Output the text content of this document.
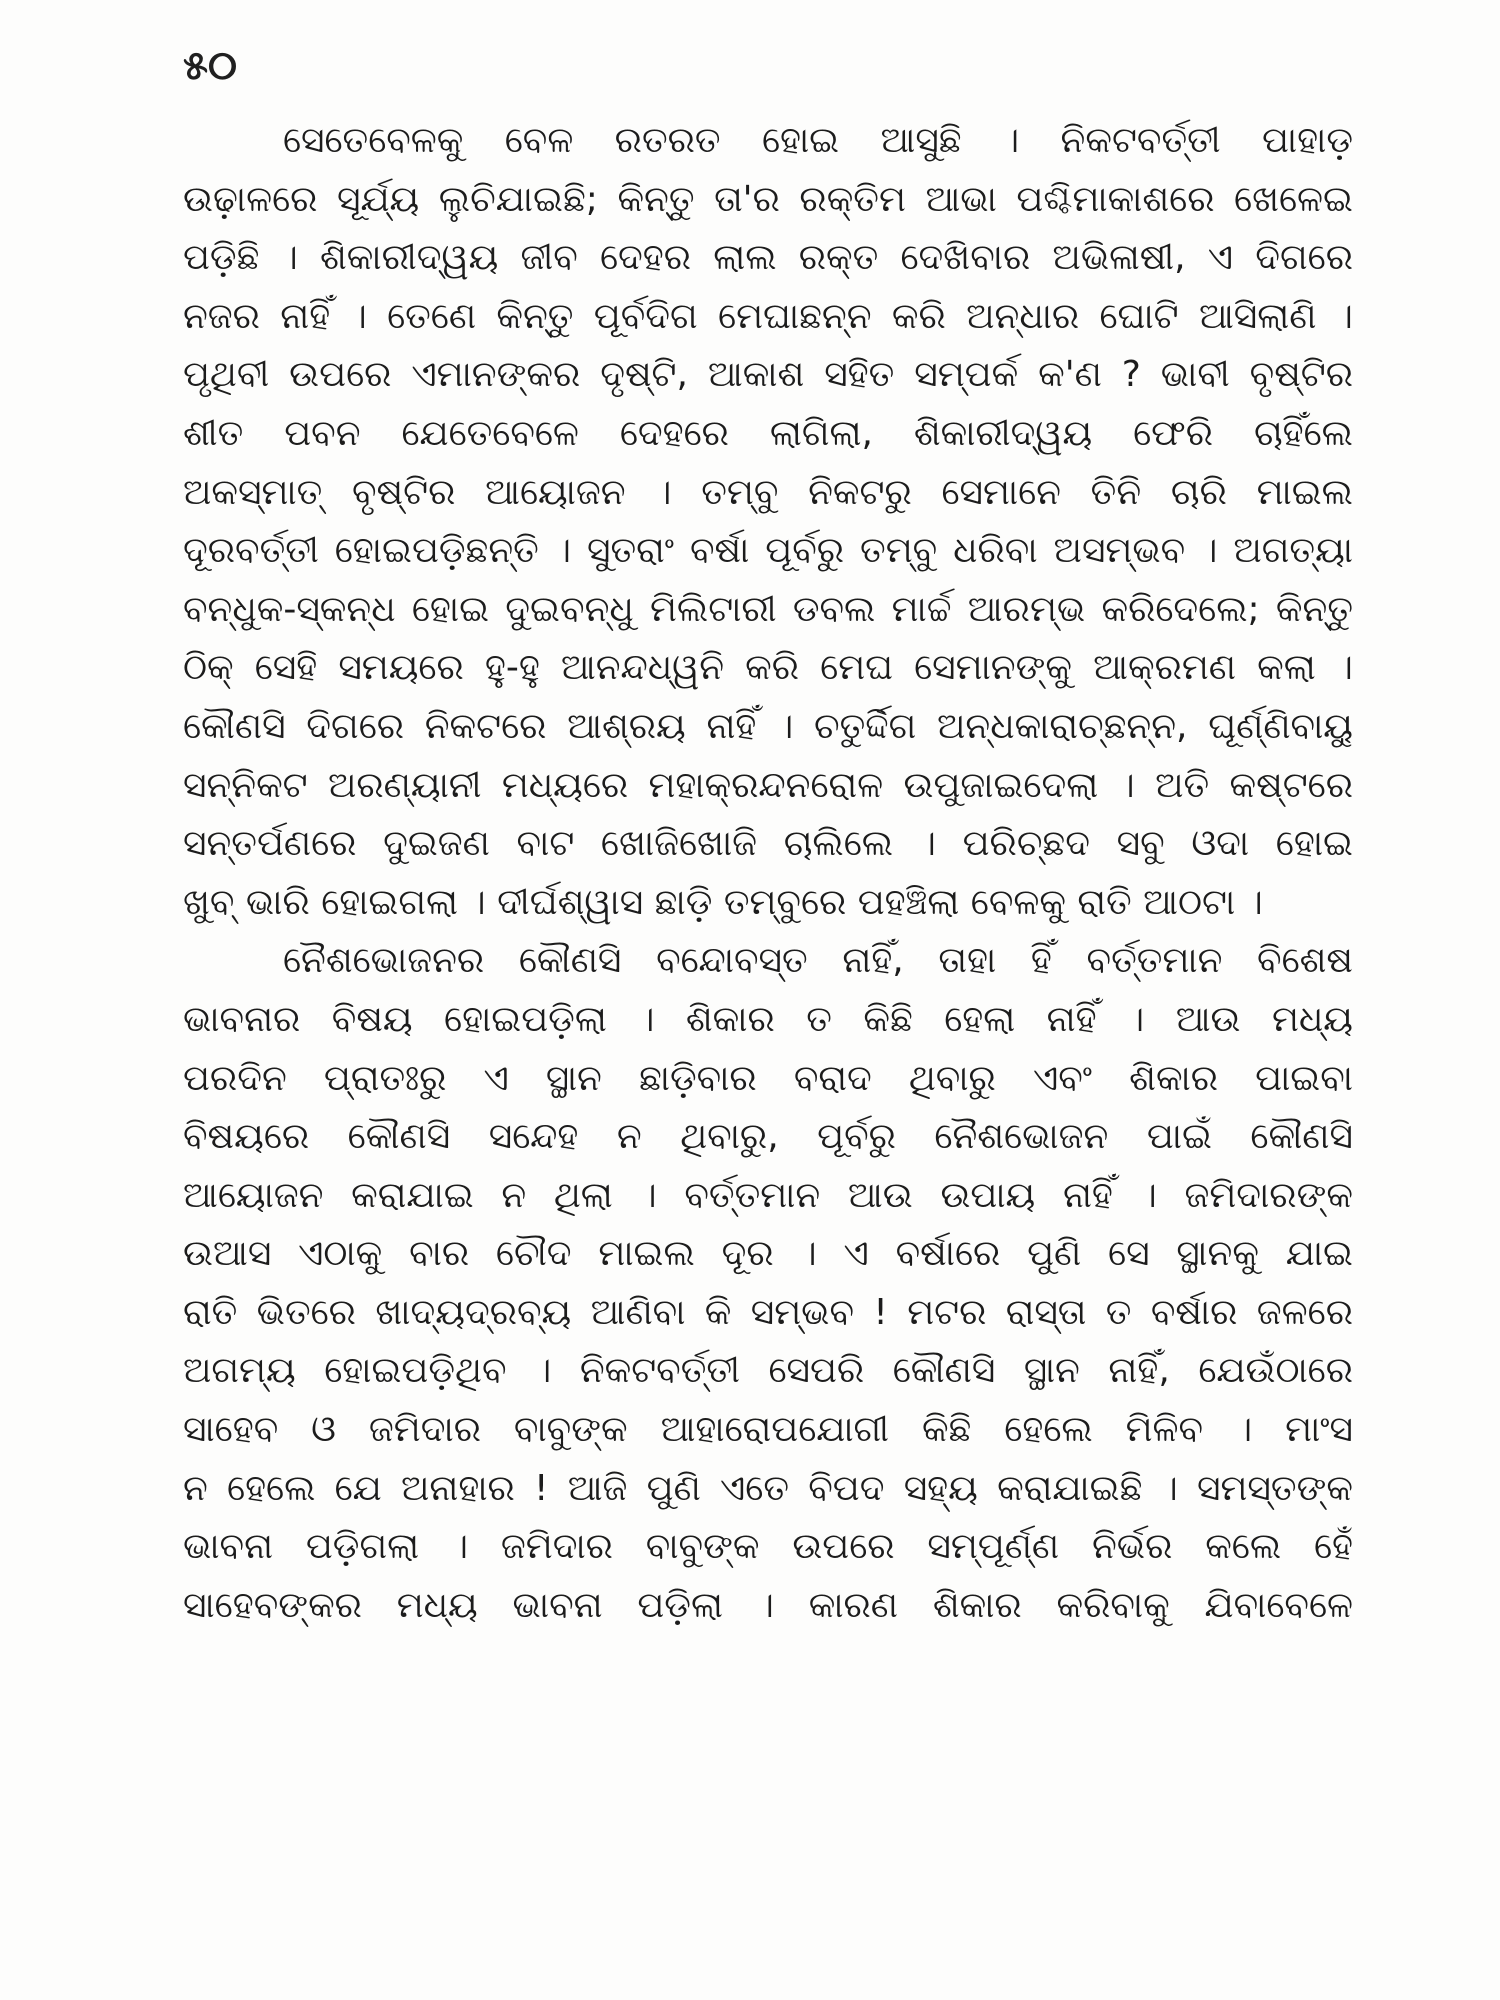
୫୦
ସେତେବେଳକୁ ବେଳ ରତରତ ହୋଇ ଆସୁଛି । ନିକଟବର୍ତ୍ତୀ ପାହାଡ଼
ଉଢ଼ାଳରେ ସୂର୍ଯ୍ୟ ଲୁଚିଯାଇଛି; କିନ୍ତୁ ତା'ର ରକ୍ତିମ ଆଭା ପଶ୍ଚିମାକାଶରେ ଖେଳେଇ
ପଡ଼ିଛି । ଶିକାରୀଦ୍ୱୟ ଜୀବ ଦେହର ଲାଲ ରକ୍ତ ଦେଖିବାର ଅଭିଳାଷୀ, ଏ ଦିଗରେ
ନଜର ନାହିଁ । ତେଣେ କିନ୍ତୁ ପୂର୍ବଦିଗ ମେଘାଛନ୍ନ କରି ଅନ୍ଧାର ଘୋଟି ଆସିଲାଣି ।
ପୃଥିବୀ ଉପରେ ଏମାନଙ୍କର ଦୃଷ୍ଟି, ଆକାଶ ସହିତ ସମ୍ପର୍କ କ'ଣ ? ଭାବୀ ବୃଷ୍ଟିର
ଶୀତ ପବନ ଯେତେବେଳେ ଦେହରେ ଲାଗିଲା, ଶିକାରୀଦ୍ୱୟ ଫେରି ଚାହିଁଲେ
ଅକସ୍ମାତ୍ ବୃଷ୍ଟିର ଆୟୋଜନ । ତମ୍ବୁ ନିକଟରୁ ସେମାନେ ତିନି ଚାରି ମାଇଲ
ଦୂରବର୍ତ୍ତୀ ହୋଇପଡ଼ିଛନ୍ତି । ସୁତରାଂ ବର୍ଷା ପୂର୍ବରୁ ତମ୍ବୁ ଧରିବା ଅସମ୍ଭବ । ଅଗତ୍ୟା
ବନ୍ଧୁକ-ସ୍କନ୍ଧ ହୋଇ ଦୁଇବନ୍ଧୁ ମିଲିଟାରୀ ଡବଲ ମାର୍ଚ୍ଚ ଆରମ୍ଭ କରିଦେଲେ; କିନ୍ତୁ
ଠିକ୍ ସେହି ସମୟରେ ହୁ-ହୁ ଆନନ୍ଦଧ୍ୱନି କରି ମେଘ ସେମାନଙ୍କୁ ଆକ୍ରମଣ କଲା ।
କୌଣସି ଦିଗରେ ନିକଟରେ ଆଶ୍ରୟ ନାହିଁ । ଚତୁର୍ଦ୍ଦିଗ ଅନ୍ଧକାରାଚ୍ଛନ୍ନ, ଘୂର୍ଣ୍ଣିବାୟୁ
ସନ୍ନିକଟ ଅରଣ୍ୟାନୀ ମଧ୍ୟରେ ମହାକ୍ରନ୍ଦନରୋଳ ଉପୁଜାଇଦେଲା । ଅତି କଷ୍ଟରେ
ସନ୍ତର୍ପଣରେ ଦୁଇଜଣ ବାଟ ଖୋଜିଖୋଜି ଚାଲିଲେ । ପରିଚ୍ଛଦ ସବୁ ଓଦା ହୋଇ
ଖୁବ୍ ଭାରି ହୋଇଗଲା । ଦୀର୍ଘଶ୍ୱାସ ଛାଡ଼ି ତମ୍ବୁରେ ପହଞ୍ଚିଲା ବେଳକୁ ରାତି ଆଠଟା ।
ନୈଶଭୋଜନର କୌଣସି ବନ୍ଦୋବସ୍ତ ନାହିଁ, ତାହା ହିଁ ବର୍ତ୍ତମାନ ବିଶେଷ
ଭାବନାର ବିଷୟ ହୋଇପଡ଼ିଲା । ଶିକାର ତ କିଛି ହେଲା ନାହିଁ । ଆଉ ମଧ୍ୟ
ପରଦିନ ପ୍ରାତଃରୁ ଏ ସ୍ଥାନ ଛାଡ଼ିବାର ବରାଦ ଥିବାରୁ ଏବଂ ଶିକାର ପାଇବା
ବିଷୟରେ କୌଣସି ସନ୍ଦେହ ନ ଥିବାରୁ, ପୂର୍ବରୁ ନୈଶଭୋଜନ ପାଇଁ କୌଣସି
ଆୟୋଜନ କରାଯାଇ ନ ଥିଲା । ବର୍ତ୍ତମାନ ଆଉ ଉପାୟ ନାହିଁ । ଜମିଦାରଙ୍କ
ଉଆସ ଏଠାକୁ ବାର ଚୌଦ ମାଇଲ ଦୂର । ଏ ବର୍ଷାରେ ପୁଣି ସେ ସ୍ଥାନକୁ ଯାଇ
ରାତି ଭିତରେ ଖାଦ୍ୟଦ୍ରବ୍ୟ ଆଣିବା କି ସମ୍ଭବ ! ମଟର ରାସ୍ତା ତ ବର୍ଷାର ଜଳରେ
ଅଗମ୍ୟ ହୋଇପଡ଼ିଥିବ । ନିକଟବର୍ତ୍ତୀ ସେପରି କୌଣସି ସ୍ଥାନ ନାହିଁ, ଯେଉଁଠାରେ
ସାହେବ ଓ ଜମିଦାର ବାବୁଙ୍କ ଆହାରୋପଯୋଗୀ କିଛି ହେଲେ ମିଳିବ । ମାଂସ
ନ ହେଲେ ଯେ ଅନାହାର ! ଆଜି ପୁଣି ଏତେ ବିପଦ ସହ୍ୟ କରାଯାଇଛି । ସମସ୍ତଙ୍କ
ଭାବନା ପଡ଼ିଗଲା । ଜମିଦାର ବାବୁଙ୍କ ଉପରେ ସମ୍ପୂର୍ଣ୍ଣ ନିର୍ଭର କଲେ ହେଁ
ସାହେବଙ୍କର ମଧ୍ୟ ଭାବନା ପଡ଼ିଲା । କାରଣ ଶିକାର କରିବାକୁ ଯିବାବେଳେ
